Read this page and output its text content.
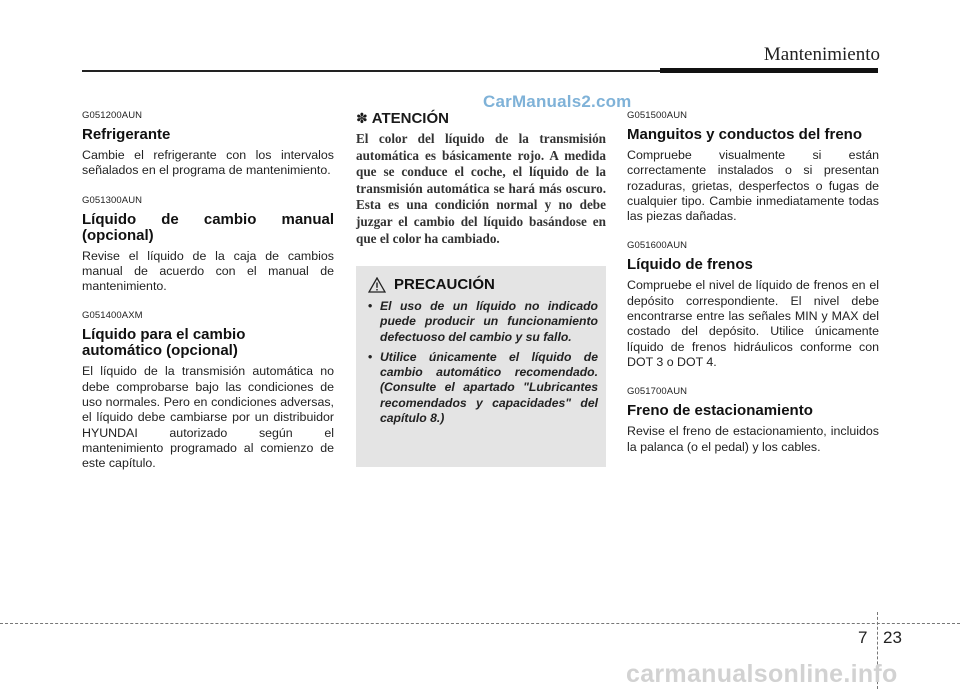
Mantenimiento
CarManuals2.com
G051200AUN
Refrigerante
Cambie el refrigerante con los intervalos señalados en el programa de mantenimiento.
G051300AUN
Líquido de cambio manual
(opcional)
Revise el líquido de la caja de cambios manual de acuerdo con el manual de mantenimiento.
G051400AXM
Líquido para el cambio
automático (opcional)
El líquido de la transmisión automática no debe comprobarse bajo las condiciones de uso normales. Pero en condiciones adversas, el líquido debe cambiarse por un distribuidor HYUNDAI autorizado según el mantenimiento programado al comienzo de este capítulo.
✽ ATENCIÓN
El color del líquido de la transmisión automática es básicamente rojo. A medida que se conduce el coche, el líquido de la transmisión automática se hará más oscuro. Esta es una condición normal y no debe juzgar el cambio del líquido basándose en que el color ha cambiado.
PRECAUCIÓN
• El uso de un líquido no indicado puede producir un funcionamiento defectuoso del cambio y su fallo.
• Utilice únicamente el líquido de cambio automático recomendado. (Consulte el apartado "Lubricantes recomendados y capacidades" del capítulo 8.)
G051500AUN
Manguitos y conductos del freno
Compruebe visualmente si están correctamente instalados o si presentan rozaduras, grietas, desperfectos o fugas de cualquier tipo. Cambie inmediatamente todas las piezas dañadas.
G051600AUN
Líquido de frenos
Compruebe el nivel de líquido de frenos en el depósito correspondiente. El nivel debe encontrarse entre las señales MIN y MAX del costado del depósito. Utilice únicamente líquido de frenos hidráulicos conforme con DOT 3 o DOT 4.
G051700AUN
Freno de estacionamiento
Revise el freno de estacionamiento, incluidos la palanca (o el pedal) y los cables.
7 23
carmanualsonline.info
